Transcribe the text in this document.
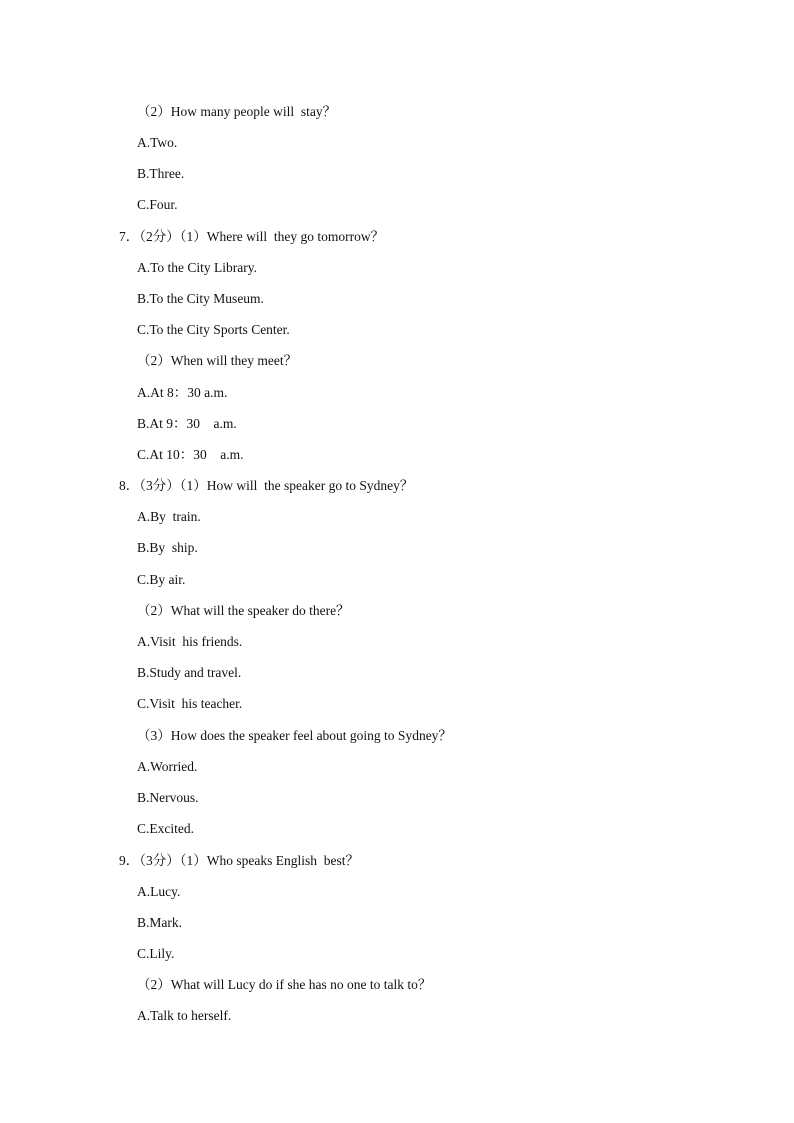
（2）How many people will  stay？
A.Two.
B.Three.
C.Four.
7．（2分）（1）Where will  they go tomorrow？
A.To the City Library.
B.To the City Museum.
C.To the City Sports Center.
（2）When will they meet？
A.At 8：30 a.m.
B.At 9：30    a.m.
C.At 10：30    a.m.
8．（3分）（1）How will  the speaker go to Sydney？
A.By  train.
B.By  ship.
C.By air.
（2）What will the speaker do there？
A.Visit  his friends.
B.Study and travel.
C.Visit  his teacher.
（3）How does the speaker feel about going to Sydney？
A.Worried.
B.Nervous.
C.Excited.
9．（3分）（1）Who speaks English  best？
A.Lucy.
B.Mark.
C.Lily.
（2）What will Lucy do if she has no one to talk to？
A.Talk to herself.
